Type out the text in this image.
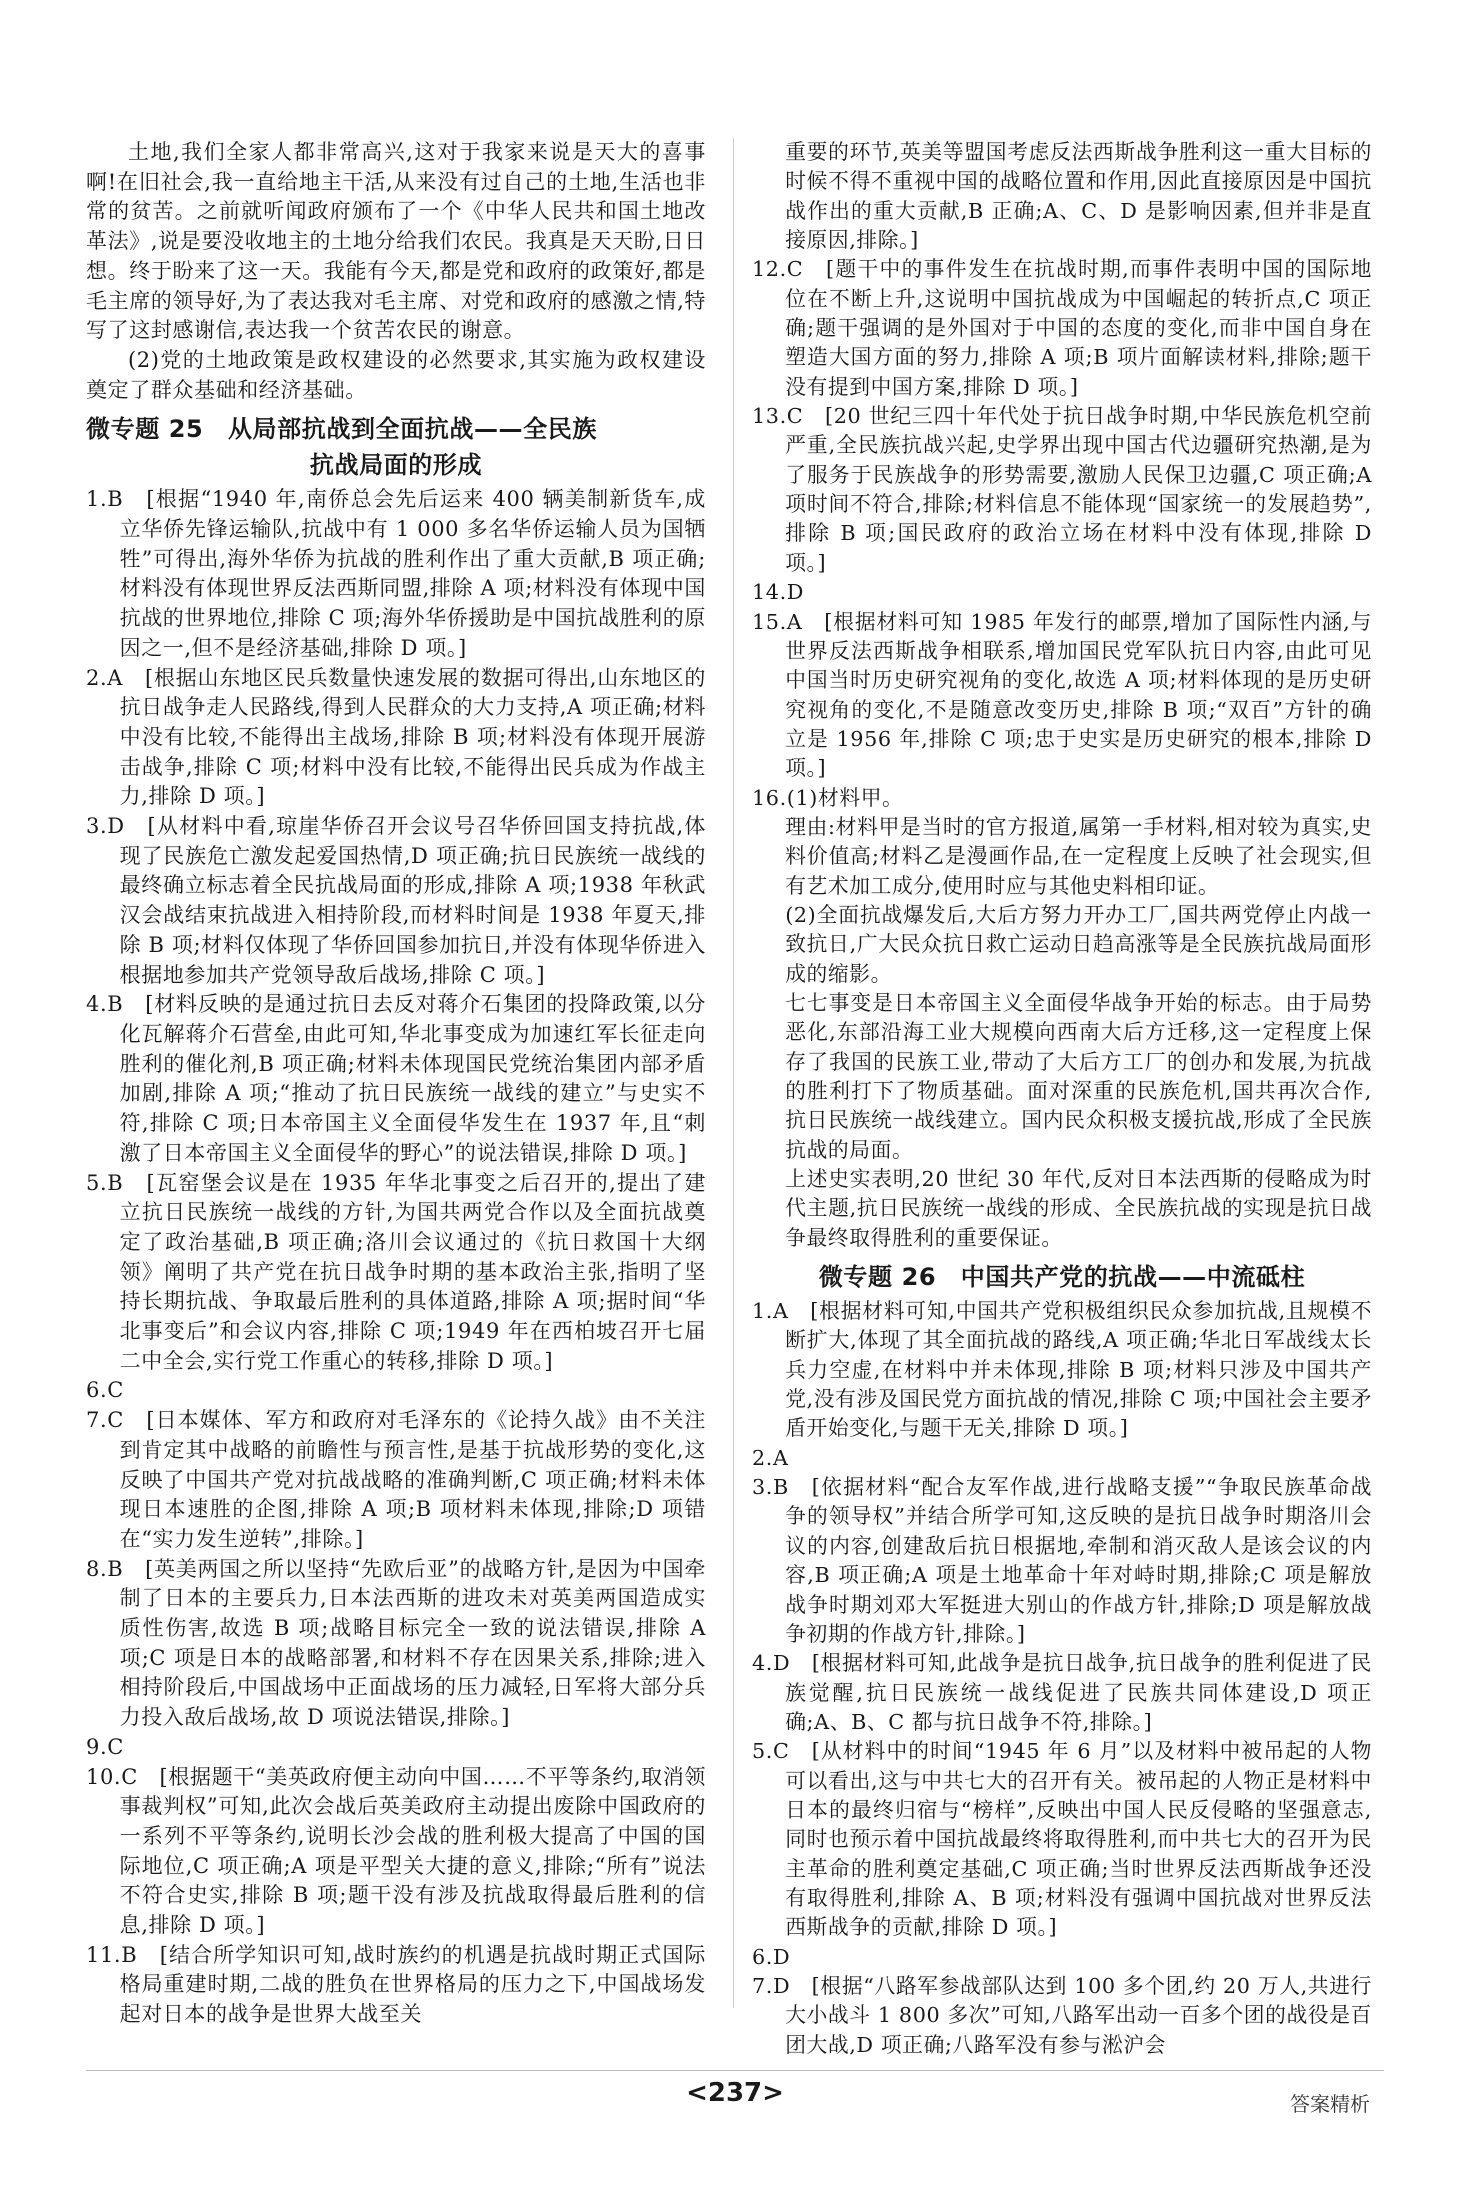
土地,我们全家人都非常高兴,这对于我家来说是天大的喜事啊!在旧社会,我一直给地主干活,从来没有过自己的土地,生活也非常的贫苦。之前就听闻政府颁布了一个《中华人民共和国土地改革法》,说是要没收地主的土地分给我们农民。我真是天天盼,日日想。终于盼来了这一天。我能有今天,都是党和政府的政策好,都是毛主席的领导好,为了表达我对毛主席、对党和政府的感激之情,特写了这封感谢信,表达我一个贫苦农民的谢意。

(2)党的土地政策是政权建设的必然要求,其实施为政权建设奠定了群众基础和经济基础。

微专题 25　从局部抗战到全面抗战——全民族
抗战局面的形成

1.B　[根据“1940 年,南侨总会先后运来 400 辆美制新货车,成立华侨先锋运输队,抗战中有 1 000 多名华侨运输人员为国牺牲”可得出,海外华侨为抗战的胜利作出了重大贡献,B 项正确;材料没有体现世界反法西斯同盟,排除 A 项;材料没有体现中国抗战的世界地位,排除 C 项;海外华侨援助是中国抗战胜利的原因之一,但不是经济基础,排除 D 项。]

2.A　[根据山东地区民兵数量快速发展的数据可得出,山东地区的抗日战争走人民路线,得到人民群众的大力支持,A 项正确;材料中没有比较,不能得出主战场,排除 B 项;材料没有体现开展游击战争,排除 C 项;材料中没有比较,不能得出民兵成为作战主力,排除 D 项。]

3.D　[从材料中看,琼崖华侨召开会议号召华侨回国支持抗战,体现了民族危亡激发起爱国热情,D 项正确;抗日民族统一战线的最终确立标志着全民抗战局面的形成,排除 A 项;1938 年秋武汉会战结束抗战进入相持阶段,而材料时间是 1938 年夏天,排除 B 项;材料仅体现了华侨回国参加抗日,并没有体现华侨进入根据地参加共产党领导敌后战场,排除 C 项。]

4.B　[材料反映的是通过抗日去反对蒋介石集团的投降政策,以分化瓦解蒋介石营垒,由此可知,华北事变成为加速红军长征走向胜利的催化剂,B 项正确;材料未体现国民党统治集团内部矛盾加剧,排除 A 项;“推动了抗日民族统一战线的建立”与史实不符,排除 C 项;日本帝国主义全面侵华发生在 1937 年,且“刺激了日本帝国主义全面侵华的野心”的说法错误,排除 D 项。]

5.B　[瓦窑堡会议是在 1935 年华北事变之后召开的,提出了建立抗日民族统一战线的方针,为国共两党合作以及全面抗战奠定了政治基础,B 项正确;洛川会议通过的《抗日救国十大纲领》阐明了共产党在抗日战争时期的基本政治主张,指明了坚持长期抗战、争取最后胜利的具体道路,排除 A 项;据时间“华北事变后”和会议内容,排除 C 项;1949 年在西柏坡召开七届二中全会,实行党工作重心的转移,排除 D 项。]

6.C

7.C　[日本媒体、军方和政府对毛泽东的《论持久战》由不关注到肯定其中战略的前瞻性与预言性,是基于抗战形势的变化,这反映了中国共产党对抗战战略的准确判断,C 项正确;材料未体现日本速胜的企图,排除 A 项;B 项材料未体现,排除;D 项错在“实力发生逆转”,排除。]

8.B　[英美两国之所以坚持“先欧后亚”的战略方针,是因为中国牵制了日本的主要兵力,日本法西斯的进攻未对英美两国造成实质性伤害,故选 B 项;战略目标完全一致的说法错误,排除 A 项;C 项是日本的战略部署,和材料不存在因果关系,排除;进入相持阶段后,中国战场中正面战场的压力减轻,日军将大部分兵力投入敌后战场,故 D 项说法错误,排除。]

9.C

10.C　[根据题干“美英政府便主动向中国……不平等条约,取消领事裁判权”可知,此次会战后英美政府主动提出废除中国政府的一系列不平等条约,说明长沙会战的胜利极大提高了中国的国际地位,C 项正确;A 项是平型关大捷的意义,排除;“所有”说法不符合史实,排除 B 项;题干没有涉及抗战取得最后胜利的信息,排除 D 项。]

11.B　[结合所学知识可知,战时族约的机遇是抗战时期正式国际格局重建时期,二战的胜负在世界格局的压力之下,中国战场发起对日本的战争是世界大战至关

重要的环节,英美等盟国考虑反法西斯战争胜利这一重大目标的时候不得不重视中国的战略位置和作用,因此直接原因是中国抗战作出的重大贡献,B 正确;A、C、D 是影响因素,但并非是直接原因,排除。]

12.C　[题干中的事件发生在抗战时期,而事件表明中国的国际地位在不断上升,这说明中国抗战成为中国崛起的转折点,C 项正确;题干强调的是外国对于中国的态度的变化,而非中国自身在塑造大国方面的努力,排除 A 项;B 项片面解读材料,排除;题干没有提到中国方案,排除 D 项。]

13.C　[20 世纪三四十年代处于抗日战争时期,中华民族危机空前严重,全民族抗战兴起,史学界出现中国古代边疆研究热潮,是为了服务于民族战争的形势需要,激励人民保卫边疆,C 项正确;A 项时间不符合,排除;材料信息不能体现“国家统一的发展趋势”,排除 B 项;国民政府的政治立场在材料中没有体现,排除 D 项。]

14.D

15.A　[根据材料可知 1985 年发行的邮票,增加了国际性内涵,与世界反法西斯战争相联系,增加国民党军队抗日内容,由此可见中国当时历史研究视角的变化,故选 A 项;材料体现的是历史研究视角的变化,不是随意改变历史,排除 B 项;“双百”方针的确立是 1956 年,排除 C 项;忠于史实是历史研究的根本,排除 D 项。]

16.(1)材料甲。

理由:材料甲是当时的官方报道,属第一手材料,相对较为真实,史料价值高;材料乙是漫画作品,在一定程度上反映了社会现实,但有艺术加工成分,使用时应与其他史料相印证。

(2)全面抗战爆发后,大后方努力开办工厂,国共两党停止内战一致抗日,广大民众抗日救亡运动日趋高涨等是全民族抗战局面形成的缩影。

七七事变是日本帝国主义全面侵华战争开始的标志。由于局势恶化,东部沿海工业大规模向西南大后方迁移,这一定程度上保存了我国的民族工业,带动了大后方工厂的创办和发展,为抗战的胜利打下了物质基础。面对深重的民族危机,国共再次合作,抗日民族统一战线建立。国内民众积极支援抗战,形成了全民族抗战的局面。

上述史实表明,20 世纪 30 年代,反对日本法西斯的侵略成为时代主题,抗日民族统一战线的形成、全民族抗战的实现是抗日战争最终取得胜利的重要保证。

微专题 26　中国共产党的抗战——中流砥柱

1.A　[根据材料可知,中国共产党积极组织民众参加抗战,且规模不断扩大,体现了其全面抗战的路线,A 项正确;华北日军战线太长兵力空虚,在材料中并未体现,排除 B 项;材料只涉及中国共产党,没有涉及国民党方面抗战的情况,排除 C 项;中国社会主要矛盾开始变化,与题干无关,排除 D 项。]

2.A

3.B　[依据材料“配合友军作战,进行战略支援”“争取民族革命战争的领导权”并结合所学可知,这反映的是抗日战争时期洛川会议的内容,创建敌后抗日根据地,牵制和消灭敌人是该会议的内容,B 项正确;A 项是土地革命十年对峙时期,排除;C 项是解放战争时期刘邓大军挺进大别山的作战方针,排除;D 项是解放战争初期的作战方针,排除。]

4.D　[根据材料可知,此战争是抗日战争,抗日战争的胜利促进了民族觉醒,抗日民族统一战线促进了民族共同体建设,D 项正确;A、B、C 都与抗日战争不符,排除。]

5.C　[从材料中的时间“1945 年 6 月”以及材料中被吊起的人物可以看出,这与中共七大的召开有关。被吊起的人物正是材料中日本的最终归宿与“榜样”,反映出中国人民反侵略的坚强意志,同时也预示着中国抗战最终将取得胜利,而中共七大的召开为民主革命的胜利奠定基础,C 项正确;当时世界反法西斯战争还没有取得胜利,排除 A、B 项;材料没有强调中国抗战对世界反法西斯战争的贡献,排除 D 项。]

6.D

7.D　[根据“八路军参战部队达到 100 多个团,约 20 万人,共进行大小战斗 1 800 多次”可知,八路军出动一百多个团的战役是百团大战,D 项正确;八路军没有参与淞沪会

<237>	答案精析
